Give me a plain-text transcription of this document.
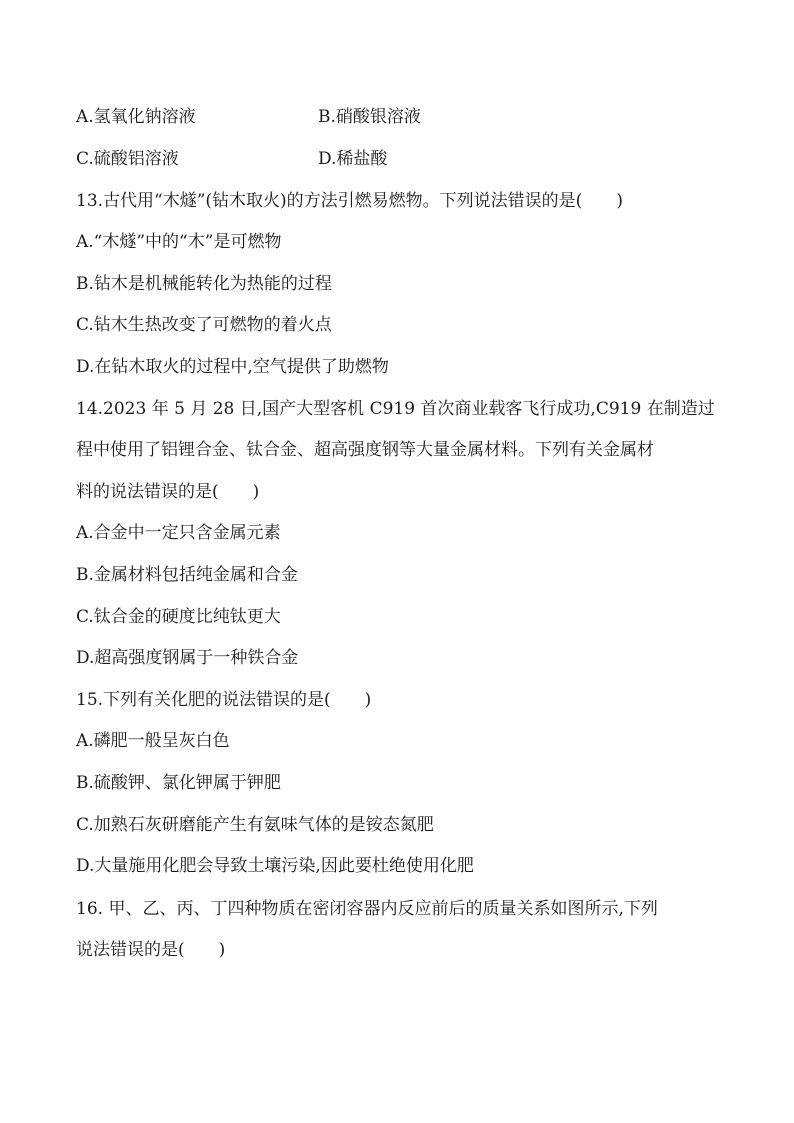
A.氢氧化钠溶液	B.硝酸银溶液
C.硫酸铝溶液	D.稀盐酸
13.古代用“木燧”(钻木取火)的方法引燃易燃物。下列说法错误的是(　　)
A.“木燧”中的“木”是可燃物
B.钻木是机械能转化为热能的过程
C.钻木生热改变了可燃物的着火点
D.在钻木取火的过程中,空气提供了助燃物
14.2023 年 5 月 28 日,国产大型客机 C919 首次商业载客飞行成功,C919 在制造过
程中使用了铝锂合金、钛合金、超高强度钢等大量金属材料。下列有关金属材
料的说法错误的是(　　)
A.合金中一定只含金属元素
B.金属材料包括纯金属和合金
C.钛合金的硬度比纯钛更大
D.超高强度钢属于一种铁合金
15.下列有关化肥的说法错误的是(　　)
A.磷肥一般呈灰白色
B.硫酸钾、氯化钾属于钾肥
C.加熟石灰研磨能产生有氨味气体的是铵态氮肥
D.大量施用化肥会导致土壤污染,因此要杜绝使用化肥
16. 甲、乙、丙、丁四种物质在密闭容器内反应前后的质量关系如图所示,下列
说法错误的是(　　)
